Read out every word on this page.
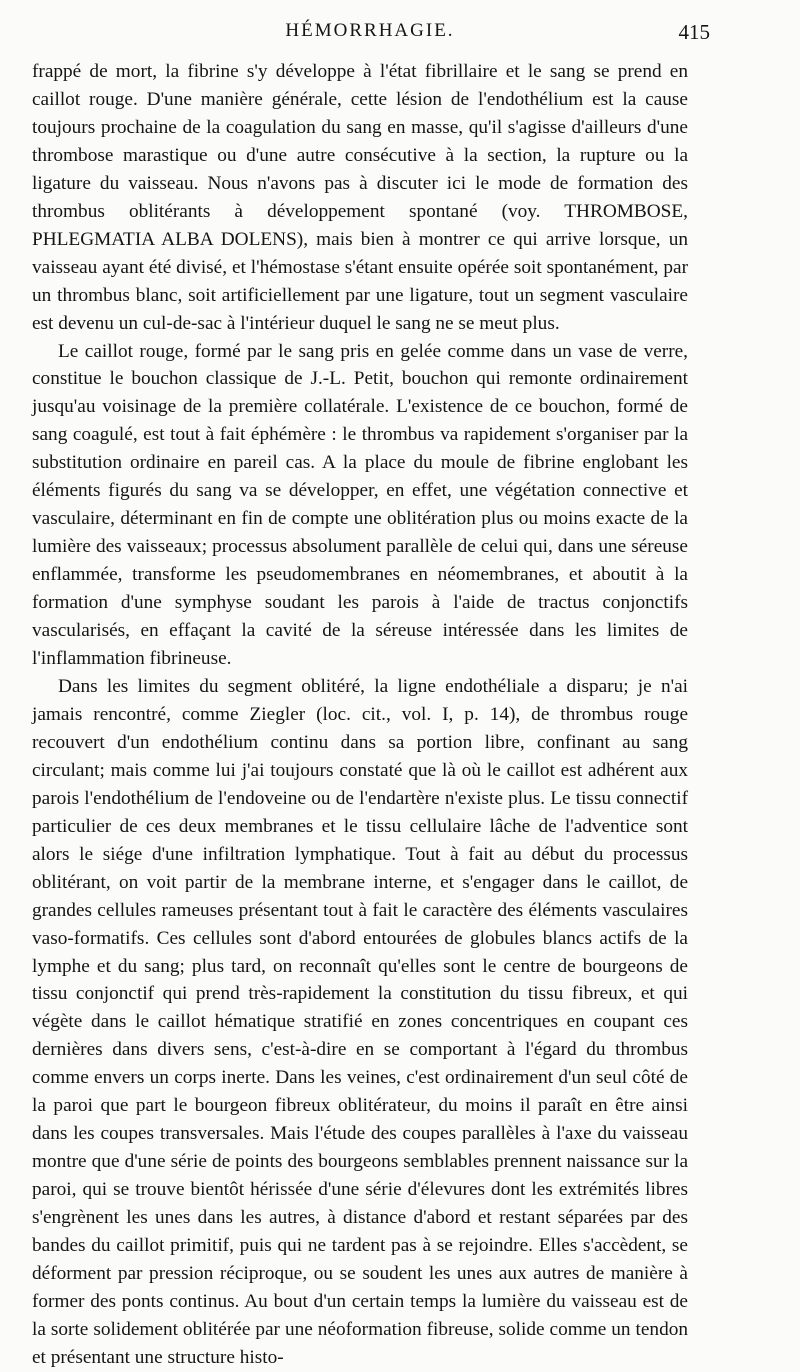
HÉMORRHAGIE.	415

frappé de mort, la fibrine s'y développe à l'état fibrillaire et le sang se prend en caillot rouge. D'une manière générale, cette lésion de l'endothélium est la cause toujours prochaine de la coagulation du sang en masse, qu'il s'agisse d'ailleurs d'une thrombose marastique ou d'une autre consécutive à la section, la rupture ou la ligature du vaisseau. Nous n'avons pas à discuter ici le mode de formation des thrombus oblitérants à développement spontané (voy. THROMBOSE, PHLEGMATIA ALBA DOLENS), mais bien à montrer ce qui arrive lorsque, un vaisseau ayant été divisé, et l'hémostase s'étant ensuite opérée soit spontanément, par un thrombus blanc, soit artificiellement par une ligature, tout un segment vasculaire est devenu un cul-de-sac à l'intérieur duquel le sang ne se meut plus.

Le caillot rouge, formé par le sang pris en gelée comme dans un vase de verre, constitue le bouchon classique de J.-L. Petit, bouchon qui remonte ordinairement jusqu'au voisinage de la première collatérale. L'existence de ce bouchon, formé de sang coagulé, est tout à fait éphémère : le thrombus va rapidement s'organiser par la substitution ordinaire en pareil cas. A la place du moule de fibrine englobant les éléments figurés du sang va se développer, en effet, une végétation connective et vasculaire, déterminant en fin de compte une oblitération plus ou moins exacte de la lumière des vaisseaux; processus absolument parallèle de celui qui, dans une séreuse enflammée, transforme les pseudomembranes en néomembranes, et aboutit à la formation d'une symphyse soudant les parois à l'aide de tractus conjonctifs vascularisés, en effaçant la cavité de la séreuse intéressée dans les limites de l'inflammation fibrineuse.

Dans les limites du segment oblitéré, la ligne endothéliale a disparu; je n'ai jamais rencontré, comme Ziegler (loc. cit., vol. I, p. 14), de thrombus rouge recouvert d'un endothélium continu dans sa portion libre, confinant au sang circulant; mais comme lui j'ai toujours constaté que là où le caillot est adhérent aux parois l'endothélium de l'endoveine ou de l'endartère n'existe plus. Le tissu connectif particulier de ces deux membranes et le tissu cellulaire lâche de l'adventice sont alors le siége d'une infiltration lymphatique. Tout à fait au début du processus oblitérant, on voit partir de la membrane interne, et s'engager dans le caillot, de grandes cellules rameuses présentant tout à fait le caractère des éléments vasculaires vaso-formatifs. Ces cellules sont d'abord entourées de globules blancs actifs de la lymphe et du sang; plus tard, on reconnaît qu'elles sont le centre de bourgeons de tissu conjonctif qui prend très-rapidement la constitution du tissu fibreux, et qui végète dans le caillot hématique stratifié en zones concentriques en coupant ces dernières dans divers sens, c'est-à-dire en se comportant à l'égard du thrombus comme envers un corps inerte. Dans les veines, c'est ordinairement d'un seul côté de la paroi que part le bourgeon fibreux oblitérateur, du moins il paraît en être ainsi dans les coupes transversales. Mais l'étude des coupes parallèles à l'axe du vaisseau montre que d'une série de points des bourgeons semblables prennent naissance sur la paroi, qui se trouve bientôt hérissée d'une série d'élevures dont les extrémités libres s'engrènent les unes dans les autres, à distance d'abord et restant séparées par des bandes du caillot primitif, puis qui ne tardent pas à se rejoindre. Elles s'accèdent, se déforment par pression réciproque, ou se soudent les unes aux autres de manière à former des ponts continus. Au bout d'un certain temps la lumière du vaisseau est de la sorte solidement oblitérée par une néoformation fibreuse, solide comme un tendon et présentant une structure histo-
